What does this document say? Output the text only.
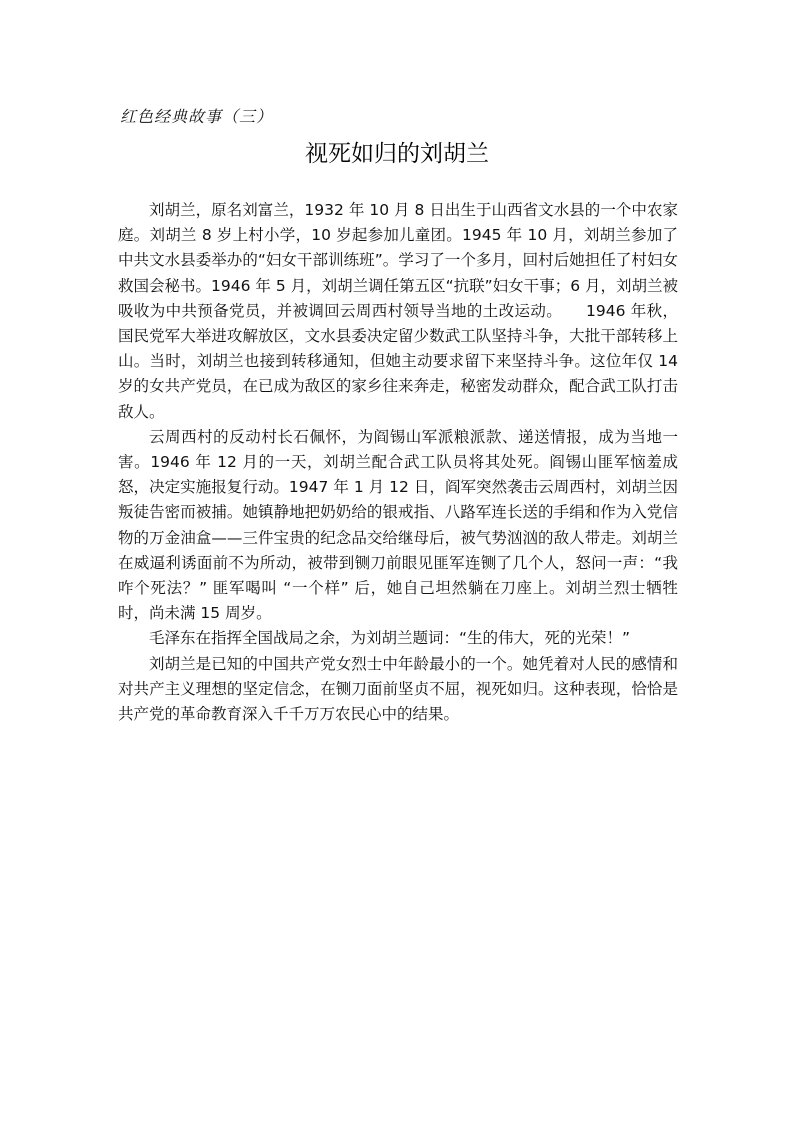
红色经典故事（三）
视死如归的刘胡兰

刘胡兰，原名刘富兰，1932 年 10 月 8 日出生于山西省文水县的一个中农家庭。刘胡兰 8 岁上村小学，10 岁起参加儿童团。1945 年 10 月，刘胡兰参加了中共文水县委举办的“妇女干部训练班”。学习了一个多月，回村后她担任了村妇女救国会秘书。1946 年 5 月，刘胡兰调任第五区“抗联”妇女干事；6 月，刘胡兰被吸收为中共预备党员，并被调回云周西村领导当地的土改运动。　　1946 年秋，国民党军大举进攻解放区，文水县委决定留少数武工队坚持斗争，大批干部转移上山。当时，刘胡兰也接到转移通知，但她主动要求留下来坚持斗争。这位年仅 14 岁的女共产党员，在已成为敌区的家乡往来奔走，秘密发动群众，配合武工队打击敌人。

云周西村的反动村长石佩怀，为阎锡山军派粮派款、递送情报，成为当地一害。1946 年 12 月的一天，刘胡兰配合武工队员将其处死。阎锡山匪军恼羞成怒，决定实施报复行动。1947 年 1 月 12 日，阎军突然袭击云周西村，刘胡兰因叛徒告密而被捕。她镇静地把奶奶给的银戒指、八路军连长送的手绢和作为入党信物的万金油盒——三件宝贵的纪念品交给继母后，被气势汹汹的敌人带走。刘胡兰在威逼利诱面前不为所动，被带到铡刀前眼见匪军连铡了几个人，怒问一声：“我咋个死法？” 匪军喝叫 “一个样” 后，她自己坦然躺在刀座上。刘胡兰烈士牺牲时，尚未满 15 周岁。

毛泽东在指挥全国战局之余，为刘胡兰题词：“生的伟大，死的光荣！”

刘胡兰是已知的中国共产党女烈士中年龄最小的一个。她凭着对人民的感情和对共产主义理想的坚定信念，在铡刀面前坚贞不屈，视死如归。这种表现，恰恰是共产党的革命教育深入千千万万农民心中的结果。
